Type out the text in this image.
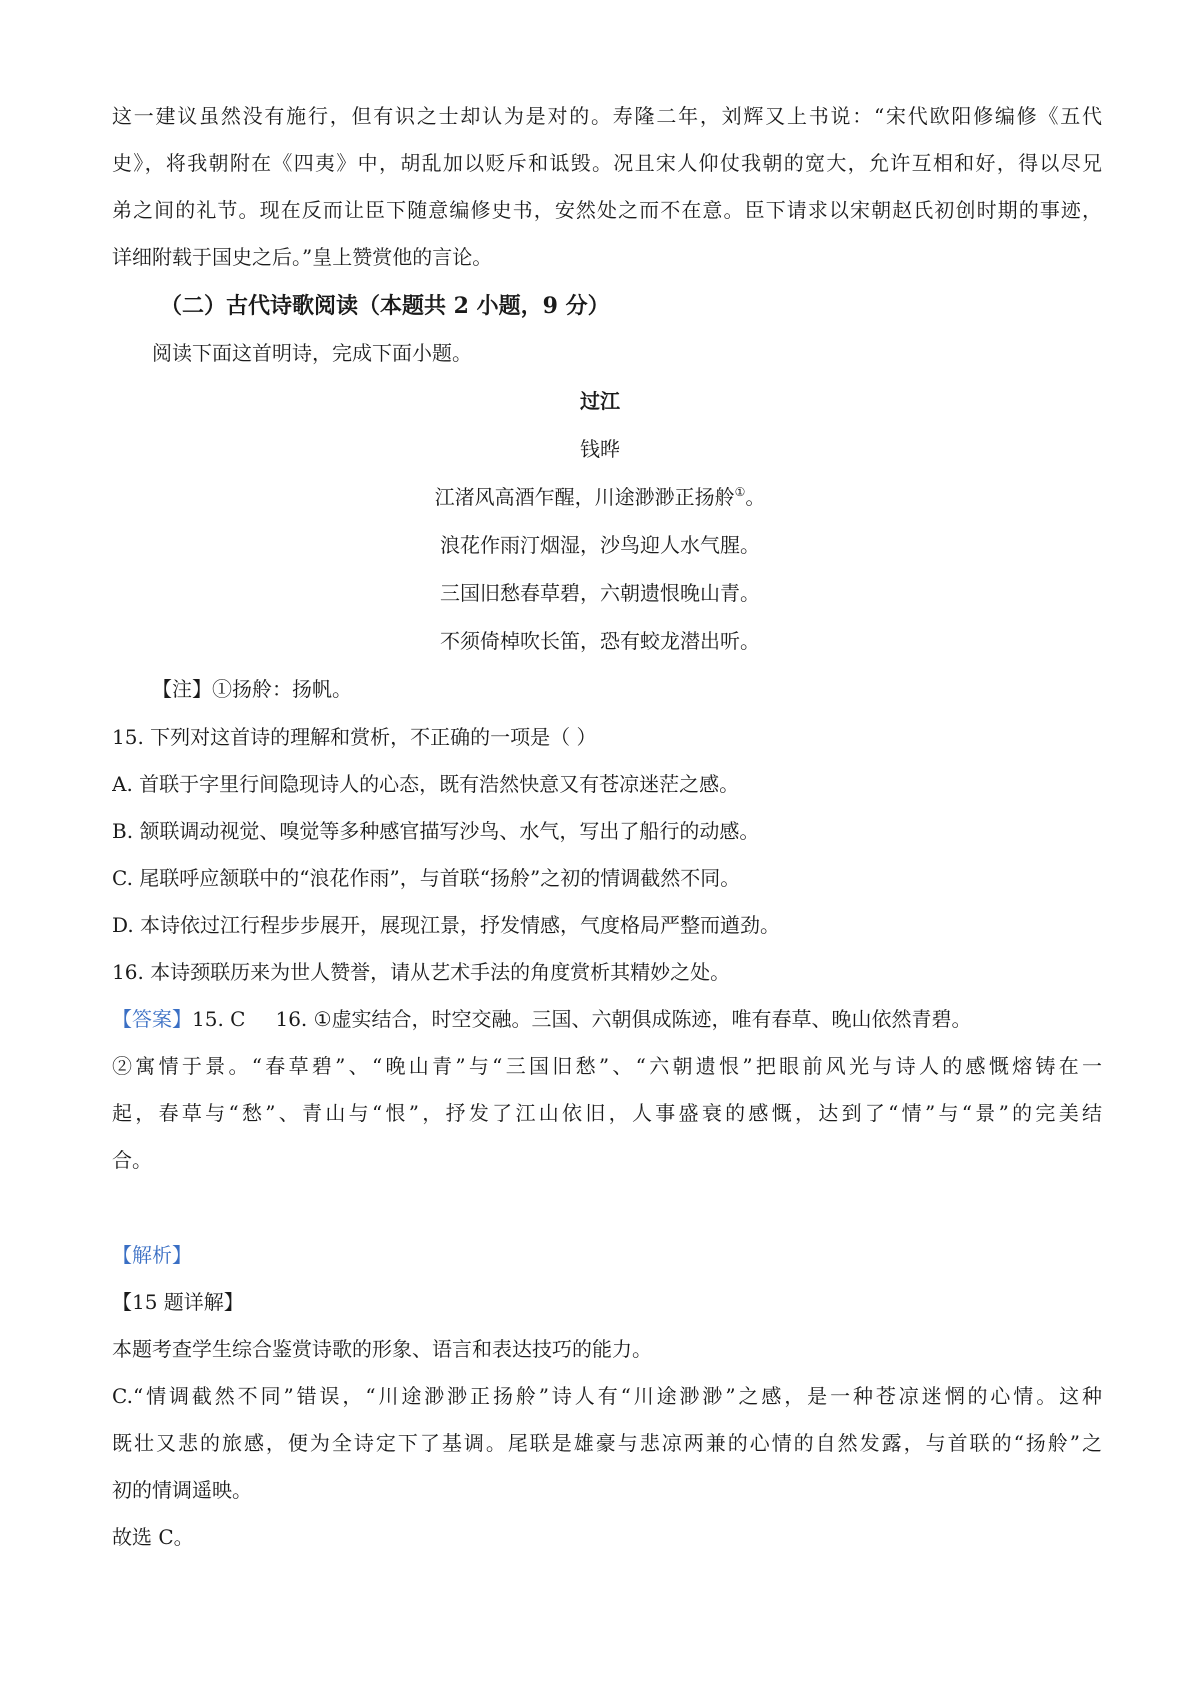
这一建议虽然没有施行，但有识之士却认为是对的。寿隆二年，刘辉又上书说：“宋代欧阳修编修《五代
史》，将我朝附在《四夷》中，胡乱加以贬斥和诋毁。况且宋人仰仗我朝的宽大，允许互相和好，得以尽兄
弟之间的礼节。现在反而让臣下随意编修史书，安然处之而不在意。臣下请求以宋朝赵氏初创时期的事迹，
详细附载于国史之后。”皇上赞赏他的言论。
（二）古代诗歌阅读（本题共 2 小题，9 分）
阅读下面这首明诗，完成下面小题。
过江
钱晔
江渚风高酒乍醒，川途渺渺正扬舲①。
浪花作雨汀烟湿，沙鸟迎人水气腥。
三国旧愁春草碧，六朝遗恨晚山青。
不须倚棹吹长笛，恐有蛟龙潜出听。
【注】①扬舲：扬帆。
15. 下列对这首诗的理解和赏析，不正确的一项是（ ）
A. 首联于字里行间隐现诗人的心态，既有浩然快意又有苍凉迷茫之感。
B. 颔联调动视觉、嗅觉等多种感官描写沙鸟、水气，写出了船行的动感。
C. 尾联呼应颔联中的“浪花作雨”，与首联“扬舲”之初的情调截然不同。
D. 本诗依过江行程步步展开，展现江景，抒发情感，气度格局严整而遒劲。
16. 本诗颈联历来为世人赞誉，请从艺术手法的角度赏析其精妙之处。
【答案】15. C 16. ①虚实结合，时空交融。三国、六朝俱成陈迹，唯有春草、晚山依然青碧。
②寓情于景。“春草碧”、“晚山青”与“三国旧愁”、“六朝遗恨”把眼前风光与诗人的感慨熔铸在一
起，春草与“愁”、青山与“恨”，抒发了江山依旧，人事盛衰的感慨，达到了“情”与“景”的完美结
合。
【解析】
【15 题详解】
本题考查学生综合鉴赏诗歌的形象、语言和表达技巧的能力。
C.“情调截然不同”错误，“川途渺渺正扬舲”诗人有“川途渺渺”之感，是一种苍凉迷惘的心情。这种
既壮又悲的旅感，便为全诗定下了基调。尾联是雄豪与悲凉两兼的心情的自然发露，与首联的“扬舲”之
初的情调遥映。
故选 C。
